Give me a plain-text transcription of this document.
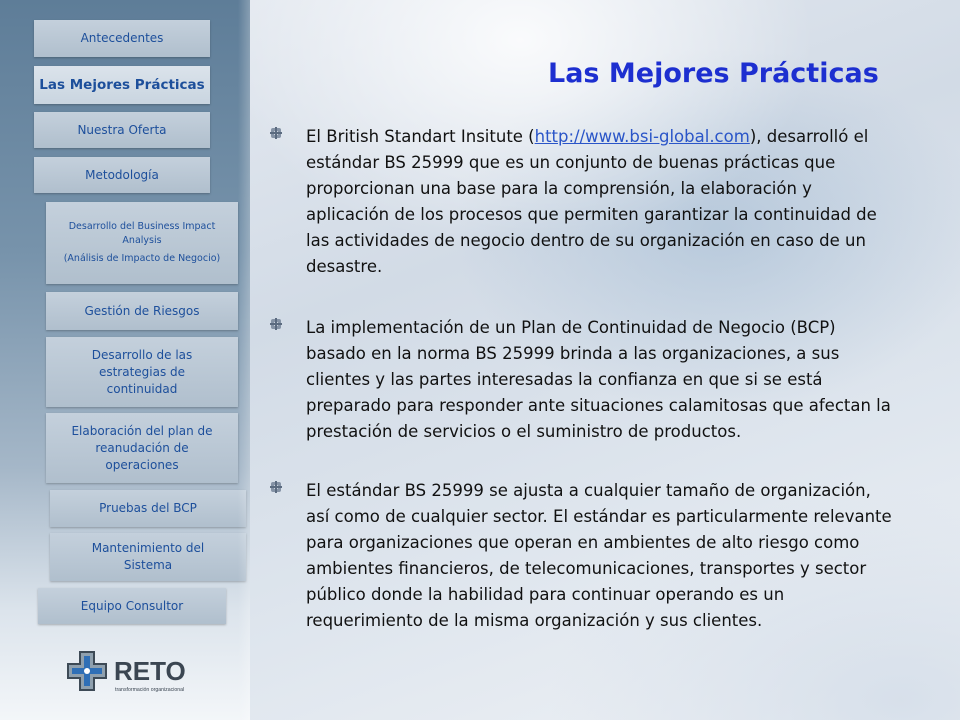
Antecedentes
Las Mejores Prácticas
Nuestra Oferta
Metodología
Desarrollo del Business Impact Analysis
(Análisis de Impacto de Negocio)
Gestión de Riesgos
Desarrollo de las estrategias de continuidad
Elaboración del plan de reanudación de operaciones
Pruebas del BCP
Mantenimiento del Sistema
Equipo Consultor
RETO
transformación organizacional
Las Mejores Prácticas
El British Standart Insitute (http://www.bsi-global.com), desarrolló el estándar BS 25999 que es un conjunto de buenas prácticas que proporcionan una base para la comprensión, la elaboración y aplicación de los procesos que permiten garantizar la continuidad de las actividades de negocio dentro de su organización en caso de un desastre.
La implementación de un Plan de Continuidad de Negocio (BCP) basado en la norma BS 25999 brinda a las organizaciones, a sus clientes y las partes interesadas la confianza en que si se está preparado para responder ante situaciones calamitosas que afectan la prestación de servicios o el suministro de productos.
El estándar BS 25999 se ajusta a cualquier tamaño de organización, así como de cualquier sector. El estándar es particularmente relevante para organizaciones que operan en ambientes de alto riesgo como ambientes financieros, de telecomunicaciones, transportes y sector público donde la habilidad para continuar operando es un requerimiento de la misma organización y sus clientes.
